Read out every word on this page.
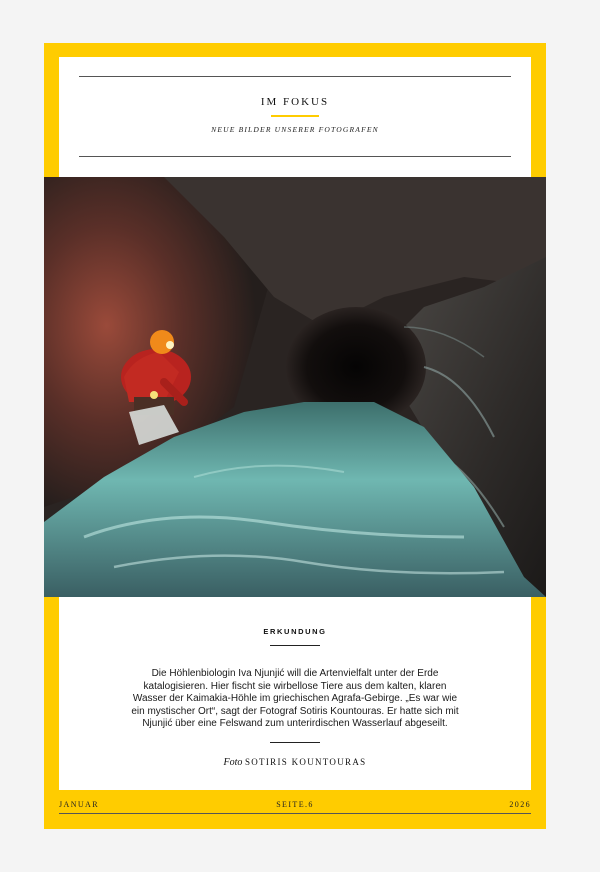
IM FOKUS
NEUE BILDER UNSERER FOTOGRAFEN
ERKUNDUNG
Die Höhlenbiologin Iva Njunjić will die Artenvielfalt unter der Erde katalogisieren. Hier fischt sie wirbellose Tiere aus dem kalten, klaren Wasser der Kaimakia-Höhle im griechischen Agrafa-Gebirge. „Es war wie ein mystischer Ort“, sagt der Fotograf Sotiris Kountouras. Er hatte sich mit Njunjić über eine Felswand zum unterirdischen Wasserlauf abgeseilt.
Foto SOTIRIS KOUNTOURAS
JANUAR	SEITE.6	2026
